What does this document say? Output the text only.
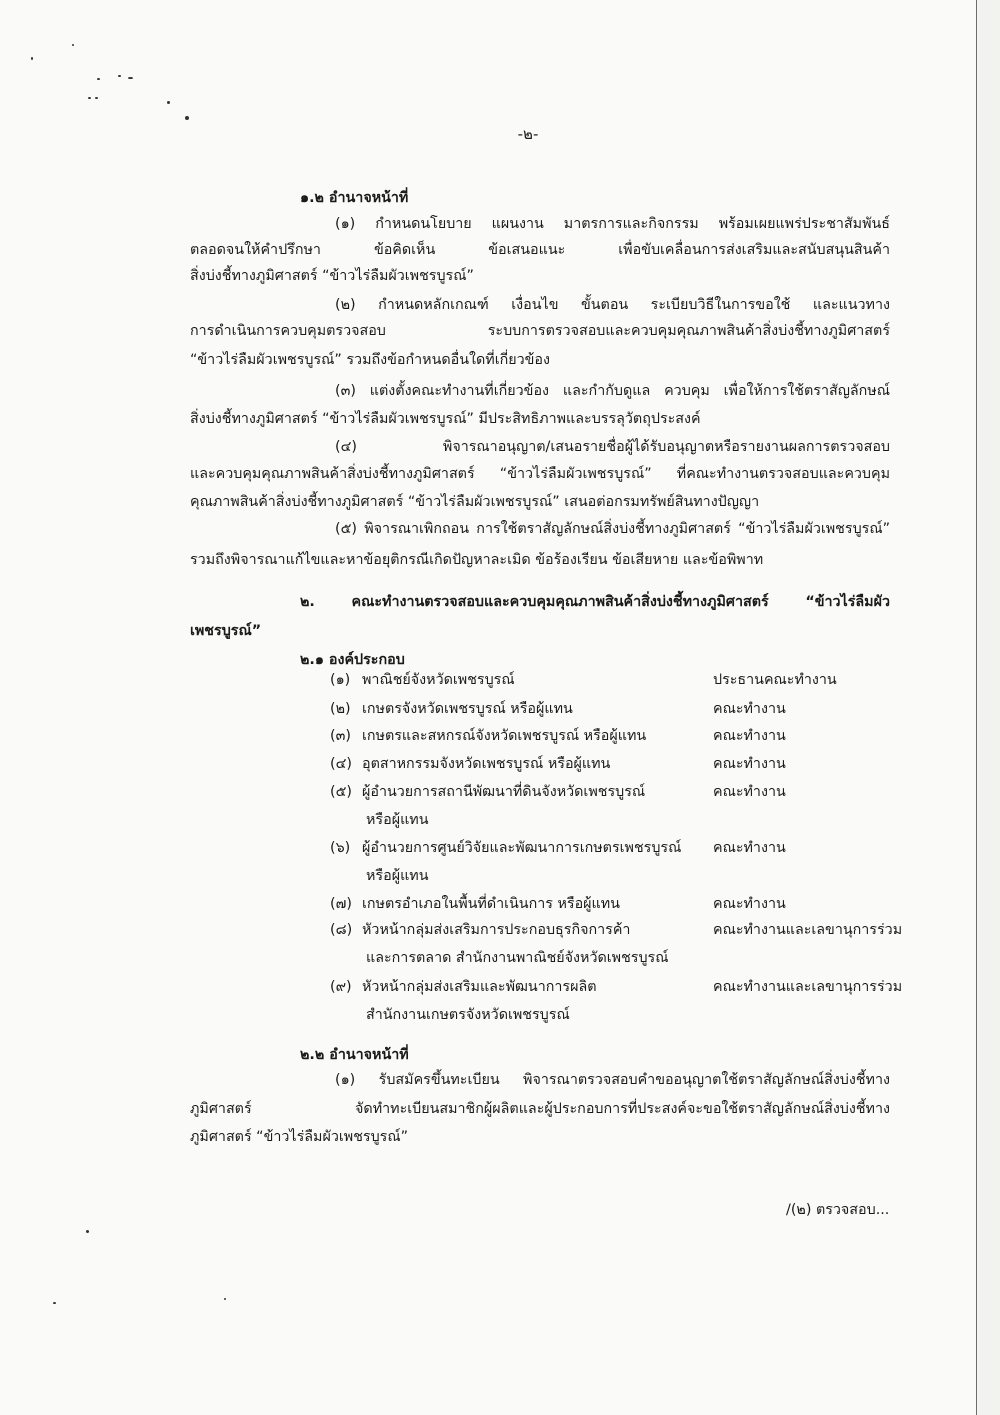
-๒-
๑.๒ อำนาจหน้าที่
(๑) กำหนดนโยบาย แผนงาน มาตรการและกิจกรรม พร้อมเผยแพร่ประชาสัมพันธ์
ตลอดจนให้คำปรึกษา ข้อคิดเห็น ข้อเสนอแนะ เพื่อขับเคลื่อนการส่งเสริมและสนับสนุนสินค้า
สิ่งบ่งชี้ทางภูมิศาสตร์ “ข้าวไร่ลืมผัวเพชรบูรณ์”
(๒) กำหนดหลักเกณฑ์ เงื่อนไข ขั้นตอน ระเบียบวิธีในการขอใช้ และแนวทาง
การดำเนินการควบคุมตรวจสอบ ระบบการตรวจสอบและควบคุมคุณภาพสินค้าสิ่งบ่งชี้ทางภูมิศาสตร์
“ข้าวไร่ลืมผัวเพชรบูรณ์” รวมถึงข้อกำหนดอื่นใดที่เกี่ยวข้อง
(๓) แต่งตั้งคณะทำงานที่เกี่ยวข้อง และกำกับดูแล ควบคุม เพื่อให้การใช้ตราสัญลักษณ์
สิ่งบ่งชี้ทางภูมิศาสตร์ “ข้าวไร่ลืมผัวเพชรบูรณ์” มีประสิทธิภาพและบรรลุวัตถุประสงค์
(๔) พิจารณาอนุญาต/เสนอรายชื่อผู้ได้รับอนุญาตหรือรายงานผลการตรวจสอบ
และควบคุมคุณภาพสินค้าสิ่งบ่งชี้ทางภูมิศาสตร์ “ข้าวไร่ลืมผัวเพชรบูรณ์” ที่คณะทำงานตรวจสอบและควบคุม
คุณภาพสินค้าสิ่งบ่งชี้ทางภูมิศาสตร์ “ข้าวไร่ลืมผัวเพชรบูรณ์” เสนอต่อกรมทรัพย์สินทางปัญญา
(๕) พิจารณาเพิกถอน การใช้ตราสัญลักษณ์สิ่งบ่งชี้ทางภูมิศาสตร์ “ข้าวไร่ลืมผัวเพชรบูรณ์”
รวมถึงพิจารณาแก้ไขและหาข้อยุติกรณีเกิดปัญหาละเมิด ข้อร้องเรียน ข้อเสียหาย และข้อพิพาท
๒. คณะทำงานตรวจสอบและควบคุมคุณภาพสินค้าสิ่งบ่งชี้ทางภูมิศาสตร์ “ข้าวไร่ลืมผัว
เพชรบูรณ์”
๒.๑ องค์ประกอบ
(๑) พาณิชย์จังหวัดเพชรบูรณ์	ประธานคณะทำงาน
(๒) เกษตรจังหวัดเพชรบูรณ์ หรือผู้แทน	คณะทำงาน
(๓) เกษตรและสหกรณ์จังหวัดเพชรบูรณ์ หรือผู้แทน	คณะทำงาน
(๔) อุตสาหกรรมจังหวัดเพชรบูรณ์ หรือผู้แทน	คณะทำงาน
(๕) ผู้อำนวยการสถานีพัฒนาที่ดินจังหวัดเพชรบูรณ์	คณะทำงาน
หรือผู้แทน
(๖) ผู้อำนวยการศูนย์วิจัยและพัฒนาการเกษตรเพชรบูรณ์ คณะทำงาน
หรือผู้แทน
(๗) เกษตรอำเภอในพื้นที่ดำเนินการ หรือผู้แทน	คณะทำงาน
(๘) หัวหน้ากลุ่มส่งเสริมการประกอบธุรกิจการค้า	คณะทำงานและเลขานุการร่วม
และการตลาด สำนักงานพาณิชย์จังหวัดเพชรบูรณ์
(๙) หัวหน้ากลุ่มส่งเสริมและพัฒนาการผลิต	คณะทำงานและเลขานุการร่วม
สำนักงานเกษตรจังหวัดเพชรบูรณ์
๒.๒ อำนาจหน้าที่
(๑) รับสมัครขึ้นทะเบียน พิจารณาตรวจสอบคำขออนุญาตใช้ตราสัญลักษณ์สิ่งบ่งชี้ทาง
ภูมิศาสตร์ จัดทำทะเบียนสมาชิกผู้ผลิตและผู้ประกอบการที่ประสงค์จะขอใช้ตราสัญลักษณ์สิ่งบ่งชี้ทาง
ภูมิศาสตร์ “ข้าวไร่ลืมผัวเพชรบูรณ์”
/(๒) ตรวจสอบ...
